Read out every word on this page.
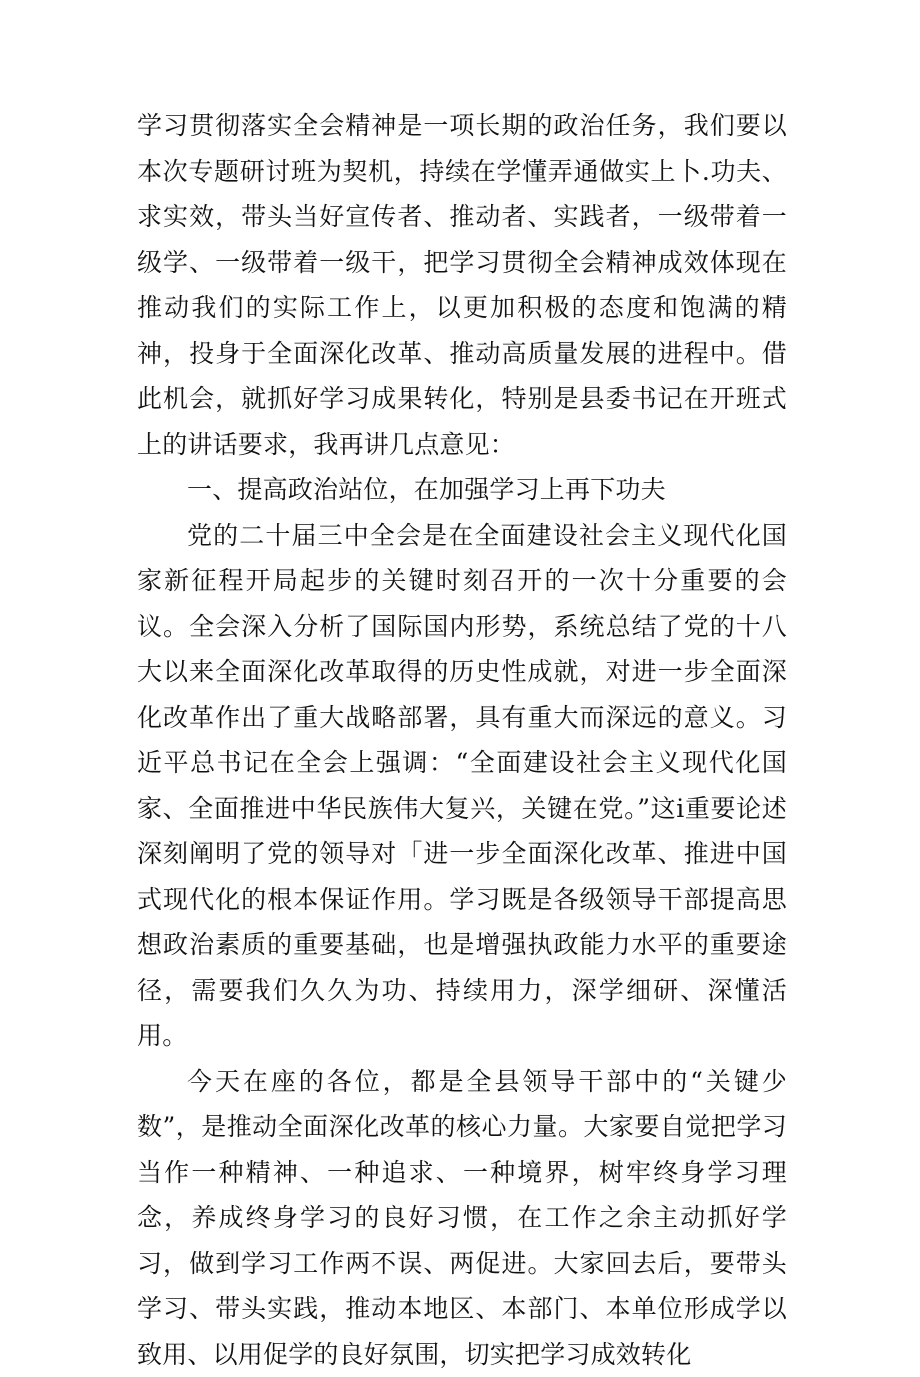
学习贯彻落实全会精神是一项长期的政治任务，我们要以本次专题研讨班为契机，持续在学懂弄通做实上卜.功夫、求实效，带头当好宣传者、推动者、实践者，一级带着一级学、一级带着一级干，把学习贯彻全会精神成效体现在推动我们的实际工作上，以更加积极的态度和饱满的精神，投身于全面深化改革、推动高质量发展的进程中。借此机会，就抓好学习成果转化，特别是县委书记在开班式上的讲话要求，我再讲几点意见：

一、提高政治站位，在加强学习上再下功夫

党的二十届三中全会是在全面建设社会主义现代化国家新征程开局起步的关键时刻召开的一次十分重要的会议。全会深入分析了国际国内形势，系统总结了党的十八大以来全面深化改革取得的历史性成就，对进一步全面深化改革作出了重大战略部署，具有重大而深远的意义。习近平总书记在全会上强调：“全面建设社会主义现代化国家、全面推进中华民族伟大复兴，关键在党。”这i重要论述深刻阐明了党的领导对「进一步全面深化改革、推进中国式现代化的根本保证作用。学习既是各级领导干部提高思想政治素质的重要基础，也是增强执政能力水平的重要途径，需要我们久久为功、持续用力，深学细研、深懂活用。

今天在座的各位，都是全县领导干部中的“关键少数”，是推动全面深化改革的核心力量。大家要自觉把学习当作一种精神、一种追求、一种境界，树牢终身学习理念，养成终身学习的良好习惯，在工作之余主动抓好学习，做到学习工作两不误、两促进。大家回去后，要带头学习、带头实践，推动本地区、本部门、本单位形成学以致用、以用促学的良好氛围，切实把学习成效转化
